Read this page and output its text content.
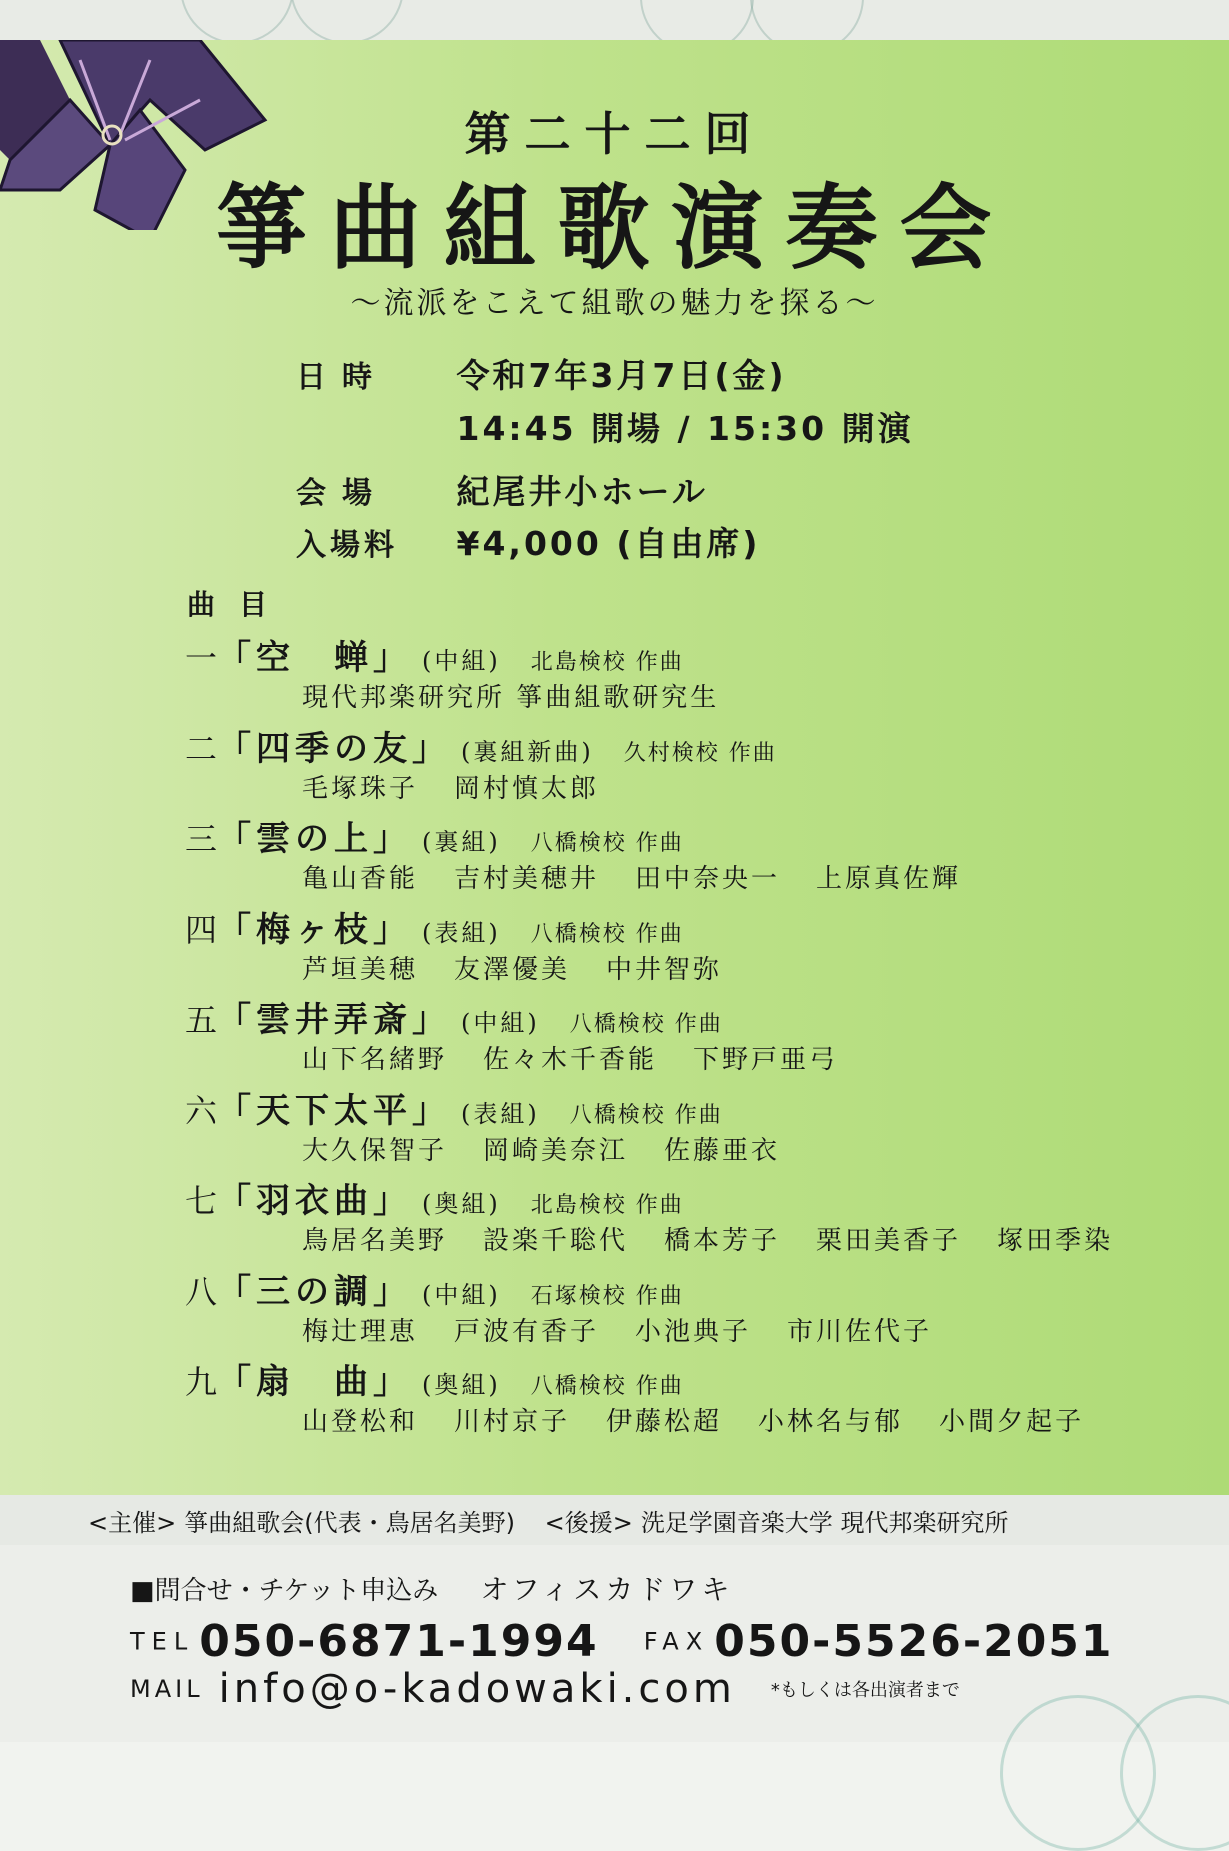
第二十二回
箏曲組歌演奏会
〜流派をこえて組歌の魅力を探る〜
日時 令和7年3月7日(金)
14:45 開場 / 15:30 開演
会場 紀尾井小ホール
入場料 ¥4,000 (自由席)
曲目
一「空　蝉」 (中組) 北島検校 作曲
現代邦楽研究所 箏曲組歌研究生
二「四季の友」 (裏組新曲) 久村検校 作曲
毛塚珠子 岡村慎太郎
三「雲の上」 (裏組) 八橋検校 作曲
亀山香能 吉村美穂井 田中奈央一 上原真佐輝
四「梅ヶ枝」 (表組) 八橋検校 作曲
芦垣美穂 友澤優美 中井智弥
五「雲井弄斎」 (中組) 八橋検校 作曲
山下名緒野 佐々木千香能 下野戸亜弓
六「天下太平」 (表組) 八橋検校 作曲
大久保智子 岡崎美奈江 佐藤亜衣
七「羽衣曲」 (奥組) 北島検校 作曲
鳥居名美野 設楽千聡代 橋本芳子 栗田美香子 塚田季染
八「三の調」 (中組) 石塚検校 作曲
梅辻理恵 戸波有香子 小池典子 市川佐代子
九「扇　曲」 (奥組) 八橋検校 作曲
山登松和 川村京子 伊藤松超 小林名与郁 小間夕起子
<主催> 箏曲組歌会(代表・鳥居名美野) <後援> 洗足学園音楽大学 現代邦楽研究所
■問合せ・チケット申込み オフィスカドワキ
TEL 050-6871-1994 FAX 050-5526-2051
MAIL info@o-kadowaki.com *もしくは各出演者まで
